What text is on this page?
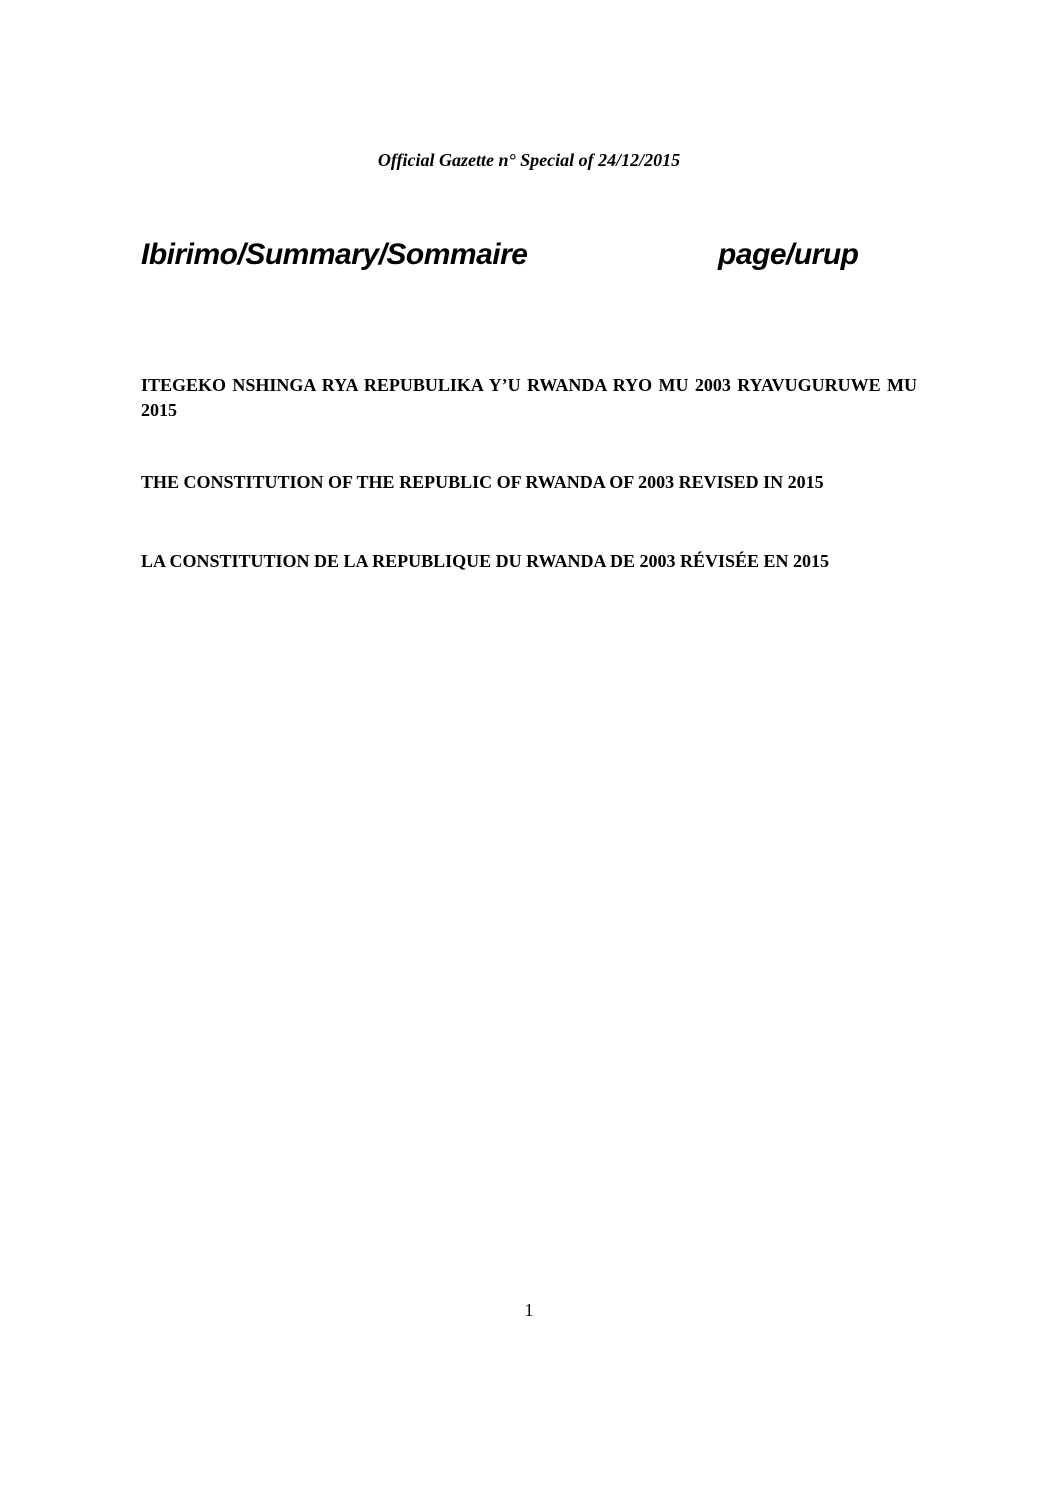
Official Gazette n° Special of 24/12/2015
Ibirimo/Summary/Sommaire	page/urup
ITEGEKO NSHINGA RYA REPUBULIKA Y’U RWANDA RYO MU 2003 RYAVUGURUWE MU 2015
THE CONSTITUTION OF THE REPUBLIC OF RWANDA OF 2003 REVISED IN 2015
LA CONSTITUTION DE LA REPUBLIQUE DU RWANDA DE 2003 RÉVISÉE EN 2015
1
